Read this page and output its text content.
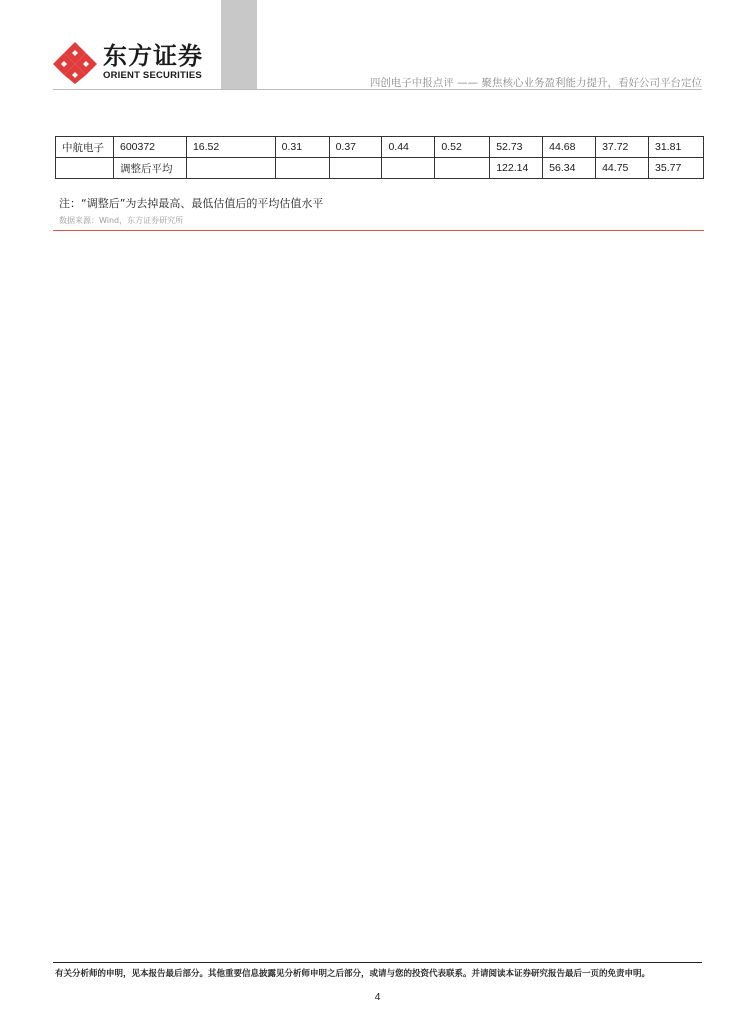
东方证券
ORIENT SECURITIES
四创电子中报点评 —— 聚焦核心业务盈利能力提升，看好公司平台定位
中航电子	600372	16.52	0.31	0.37	0.44	0.52	52.73	44.68	37.72	31.81
	调整后平均						122.14	56.34	44.75	35.77
注：“调整后”为去掉最高、最低估值后的平均估值水平
数据来源：Wind，东方证券研究所
有关分析师的申明，见本报告最后部分。其他重要信息披露见分析师申明之后部分，或请与您的投资代表联系。并请阅读本证券研究报告最后一页的免责申明。
4
